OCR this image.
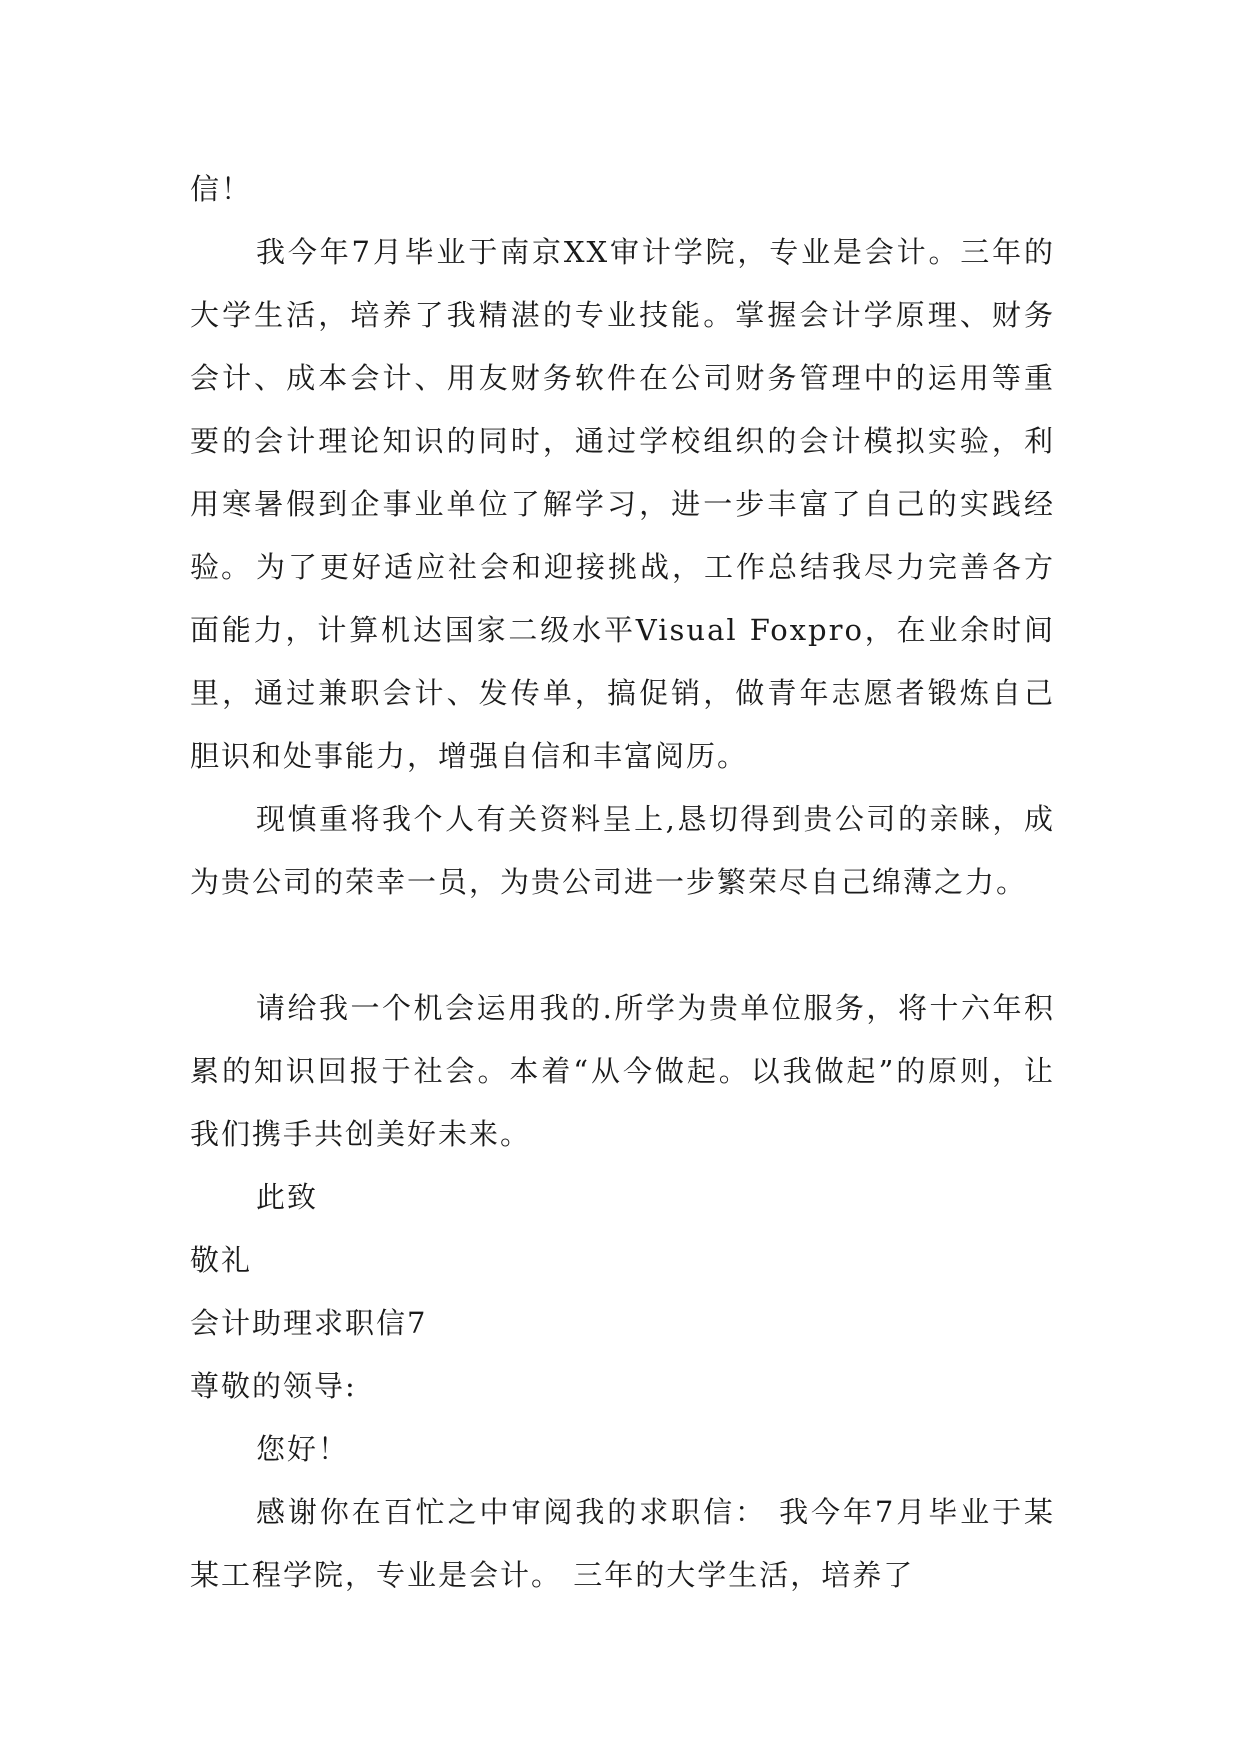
信！

我今年7月毕业于南京XX审计学院，专业是会计。三年的大学生活，培养了我精湛的专业技能。掌握会计学原理、财务会计、成本会计、用友财务软件在公司财务管理中的运用等重要的会计理论知识的同时，通过学校组织的会计模拟实验，利用寒暑假到企事业单位了解学习，进一步丰富了自己的实践经验。 为了更好适应社会和迎接挑战，工作总结我尽力完善各方面能力，计算机达国家二级水平Visual Foxpro，在业余时间里，通过兼职会计、发传单，搞促销，做青年志愿者锻炼自己胆识和处事能力，增强自信和丰富阅历。

现慎重将我个人有关资料呈上,恳切得到贵公司的亲睐，成为贵公司的荣幸一员，为贵公司进一步繁荣尽自己绵薄之力。

请给我一个机会运用我的.所学为贵单位服务，将十六年积累的知识回报于社会。本着“从今做起。以我做起”的原则，让我们携手共创美好未来。

此致
敬礼
会计助理求职信7
尊敬的领导:
您好！

感谢你在百忙之中审阅我的求职信： 我今年7月毕业于某某工程学院，专业是会计。 三年的大学生活，培养了
